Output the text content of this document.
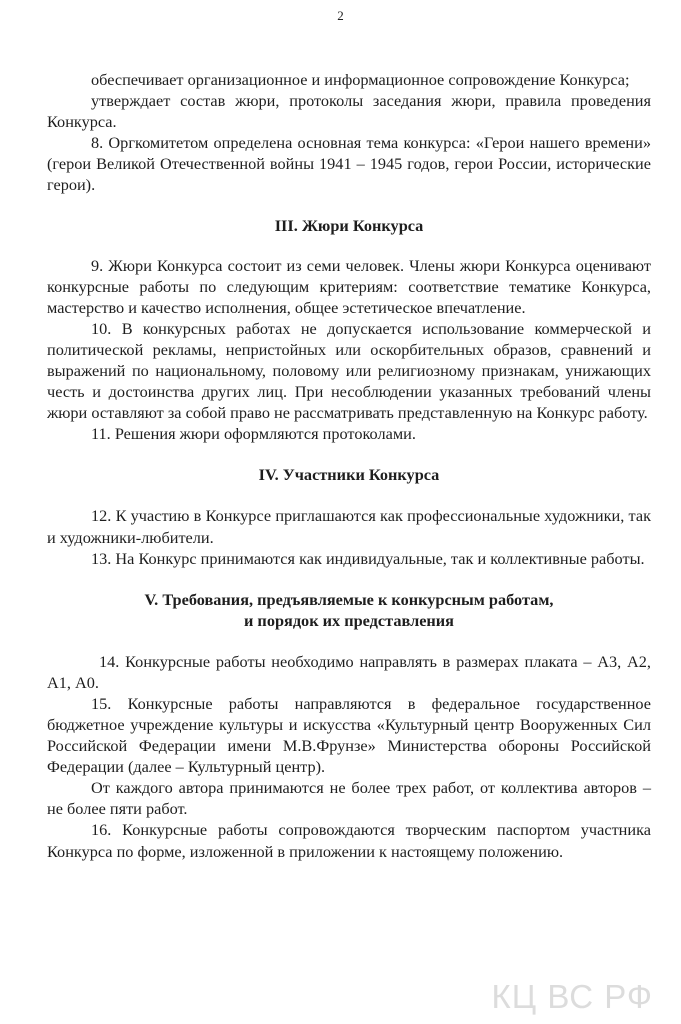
2

обеспечивает организационное и информационное сопровождение Конкурса;

утверждает состав жюри, протоколы заседания жюри, правила проведения Конкурса.

8. Оргкомитетом определена основная тема конкурса: «Герои нашего времени» (герои Великой Отечественной войны 1941 – 1945 годов, герои России, исторические герои).

III. Жюри Конкурса

9. Жюри Конкурса состоит из семи человек. Члены жюри Конкурса оценивают конкурсные работы по следующим критериям: соответствие тематике Конкурса, мастерство и качество исполнения, общее эстетическое впечатление.

10. В конкурсных работах не допускается использование коммерческой и политической рекламы, непристойных или оскорбительных образов, сравнений и выражений по национальному, половому или религиозному признакам, унижающих честь и достоинства других лиц. При несоблюдении указанных требований члены жюри оставляют за собой право не рассматривать представленную на Конкурс работу.

11. Решения жюри оформляются протоколами.

IV. Участники Конкурса

12. К участию в Конкурсе приглашаются как профессиональные художники, так и художники-любители.

13. На Конкурс принимаются как индивидуальные, так и коллективные работы.

V. Требования, предъявляемые к конкурсным работам,
и порядок их представления

14. Конкурсные работы необходимо направлять в размерах плаката – А3, А2, А1, А0.

15. Конкурсные работы направляются в федеральное государственное бюджетное учреждение культуры и искусства «Культурный центр Вооруженных Сил Российской Федерации имени М.В.Фрунзе» Министерства обороны Российской Федерации (далее – Культурный центр).

От каждого автора принимаются не более трех работ, от коллектива авторов – не более пяти работ.

16. Конкурсные работы сопровождаются творческим паспортом участника Конкурса по форме, изложенной в приложении к настоящему положению.

КЦ ВС РФ
